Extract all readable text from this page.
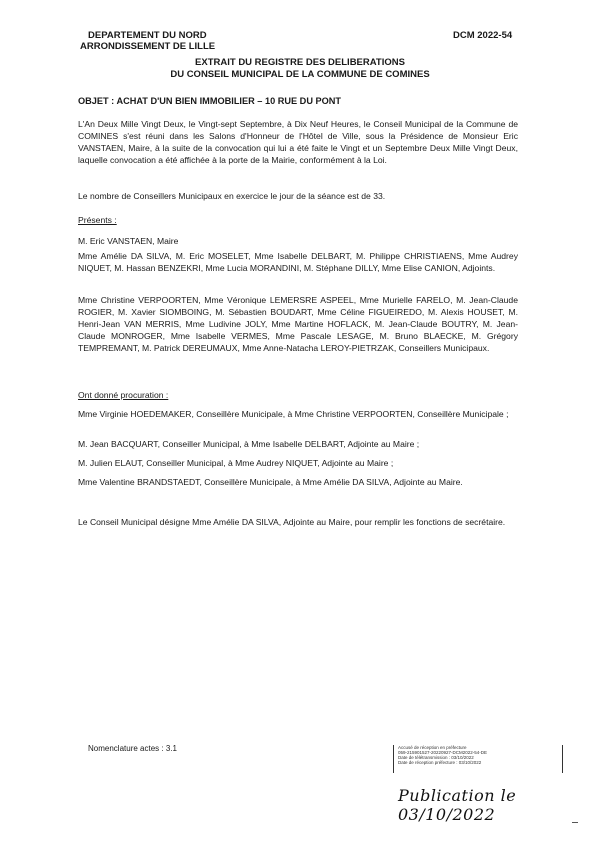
DEPARTEMENT DU NORD
ARRONDISSEMENT DE LILLE
DCM 2022-54
EXTRAIT DU REGISTRE DES DELIBERATIONS
DU CONSEIL MUNICIPAL DE LA COMMUNE DE COMINES
OBJET : ACHAT D'UN BIEN IMMOBILIER – 10 RUE DU PONT
L'An Deux Mille Vingt Deux, le Vingt-sept Septembre, à Dix Neuf Heures, le Conseil Municipal de la Commune de COMINES s'est réuni dans les Salons d'Honneur de l'Hôtel de Ville, sous la Présidence de Monsieur Eric VANSTAEN, Maire, à la suite de la convocation qui lui a été faite le Vingt et un Septembre Deux Mille Vingt Deux, laquelle convocation a été affichée à la porte de la Mairie, conformément à la Loi.
Le nombre de Conseillers Municipaux en exercice le jour de la séance est de 33.
Présents :
M. Eric VANSTAEN, Maire
Mme Amélie DA SILVA, M. Eric MOSELET, Mme Isabelle DELBART, M. Philippe CHRISTIAENS, Mme Audrey NIQUET, M. Hassan BENZEKRI, Mme Lucia MORANDINI, M. Stéphane DILLY, Mme Elise CANION, Adjoints.
Mme Christine VERPOORTEN, Mme Véronique LEMERSRE ASPEEL, Mme Murielle FARELO, M. Jean-Claude ROGIER, M. Xavier SIOMBOING, M. Sébastien BOUDART, Mme Céline FIGUEIREDO, M. Alexis HOUSET, M. Henri-Jean VAN MERRIS, Mme Ludivine JOLY, Mme Martine HOFLACK, M. Jean-Claude BOUTRY, M. Jean-Claude MONROGER, Mme Isabelle VERMES, Mme Pascale LESAGE, M. Bruno BLAECKE, M. Grégory TEMPREMANT, M. Patrick DEREUMAUX, Mme Anne-Natacha LEROY-PIETRZAK, Conseillers Municipaux.
Ont donné procuration :
Mme Virginie HOEDEMAKER, Conseillère Municipale, à Mme Christine VERPOORTEN, Conseillère Municipale ;
M. Jean BACQUART, Conseiller Municipal, à Mme Isabelle DELBART, Adjointe au Maire ;
M. Julien ELAUT, Conseiller Municipal, à Mme Audrey NIQUET, Adjointe au Maire ;
Mme Valentine BRANDSTAEDT, Conseillère Municipale, à Mme Amélie DA SILVA, Adjointe au Maire.
Le Conseil Municipal désigne Mme Amélie DA SILVA, Adjointe au Maire, pour remplir les fonctions de secrétaire.
Nomenclature actes : 3.1	Accusé de réception en préfecture
059-215901527-20220927-DCM2022-54-DE
Date de télétransmission : 03/10/2022
Date de réception préfecture : 03/10/2022
Publication le 03/10/2022
